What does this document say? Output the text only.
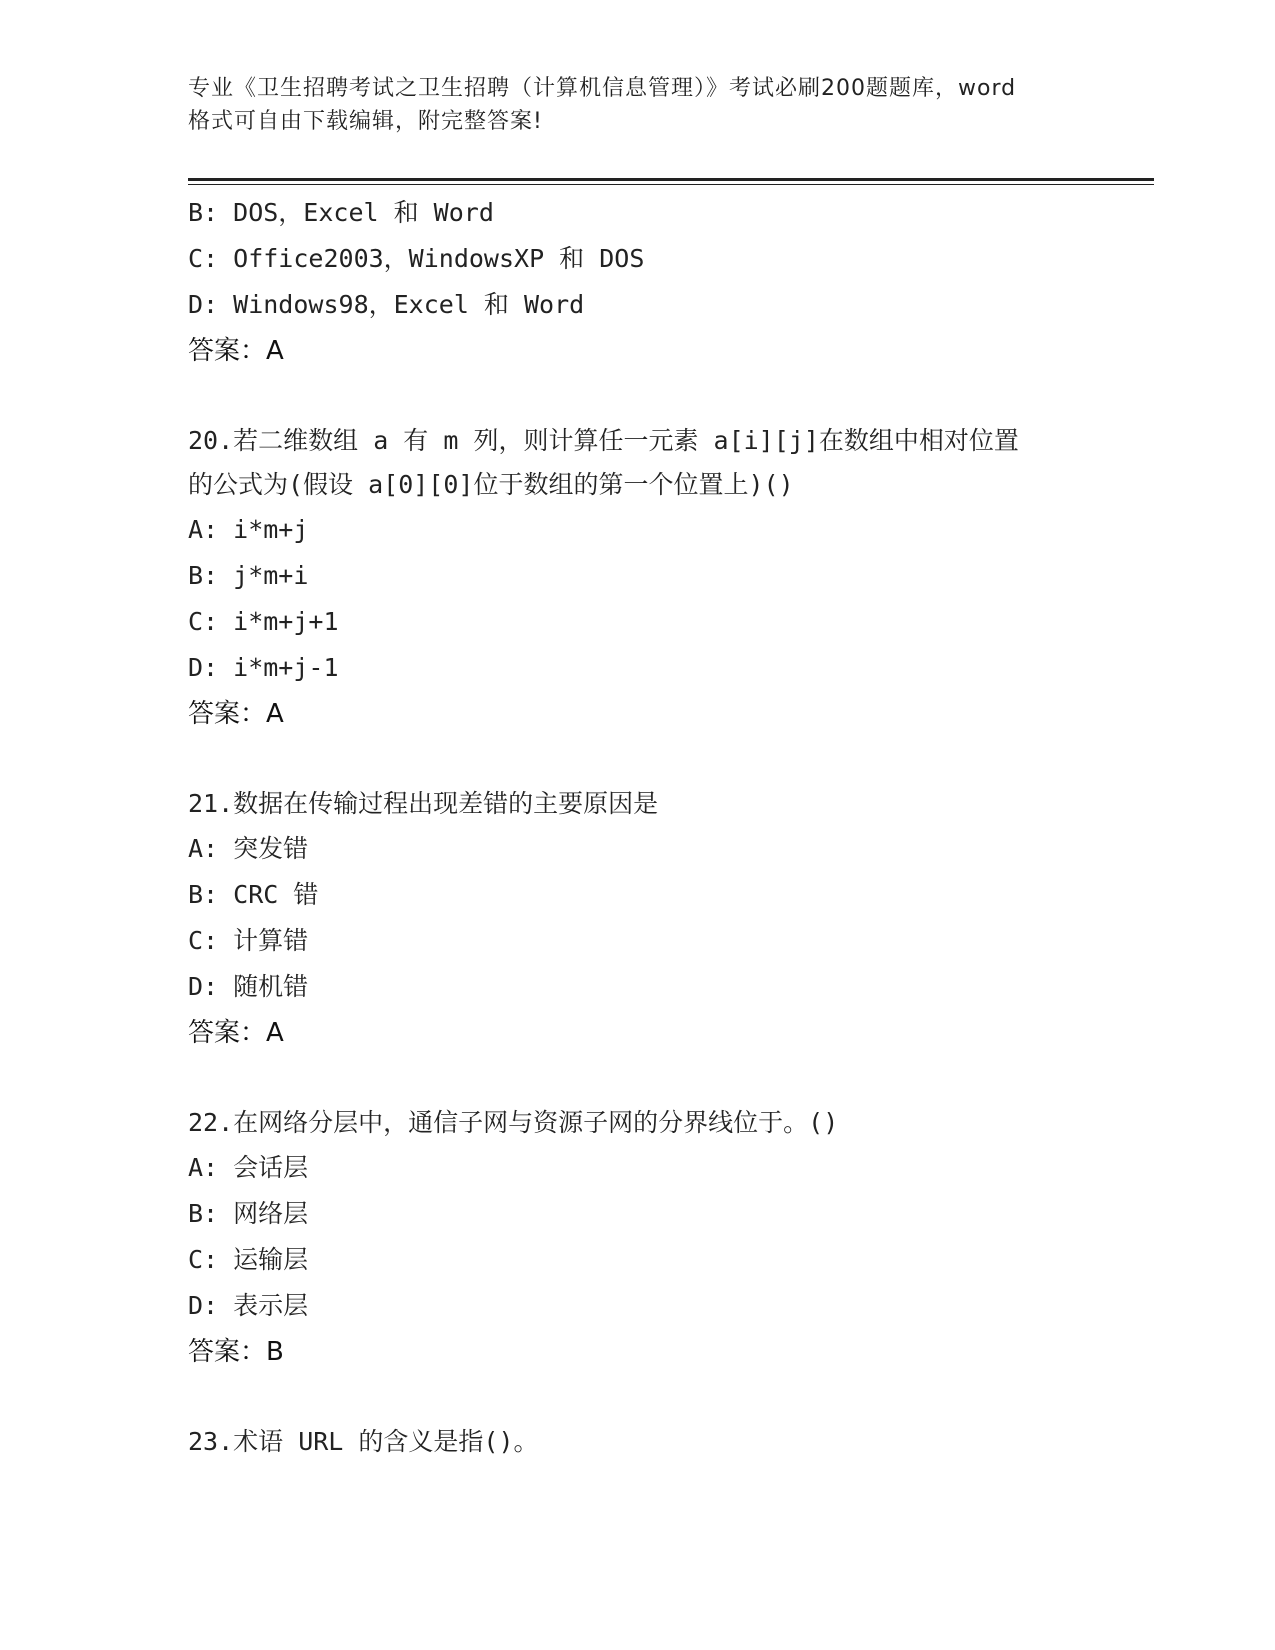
专业《卫生招聘考试之卫生招聘（计算机信息管理）》考试必刷200题题库，word
格式可自由下载编辑，附完整答案!
B: DOS，Excel 和 Word
C: Office2003，WindowsXP 和 DOS
D: Windows98，Excel 和 Word
答案：A
20.若二维数组 a 有 m 列，则计算任一元素 a[i][j]在数组中相对位置
的公式为(假设 a[0][0]位于数组的第一个位置上)()
A: i*m+j
B: j*m+i
C: i*m+j+1
D: i*m+j-1
答案：A
21.数据在传输过程出现差错的主要原因是
A: 突发错
B: CRC 错
C: 计算错
D: 随机错
答案：A
22.在网络分层中，通信子网与资源子网的分界线位于。()
A: 会话层
B: 网络层
C: 运输层
D: 表示层
答案：B
23.术语 URL 的含义是指()。
